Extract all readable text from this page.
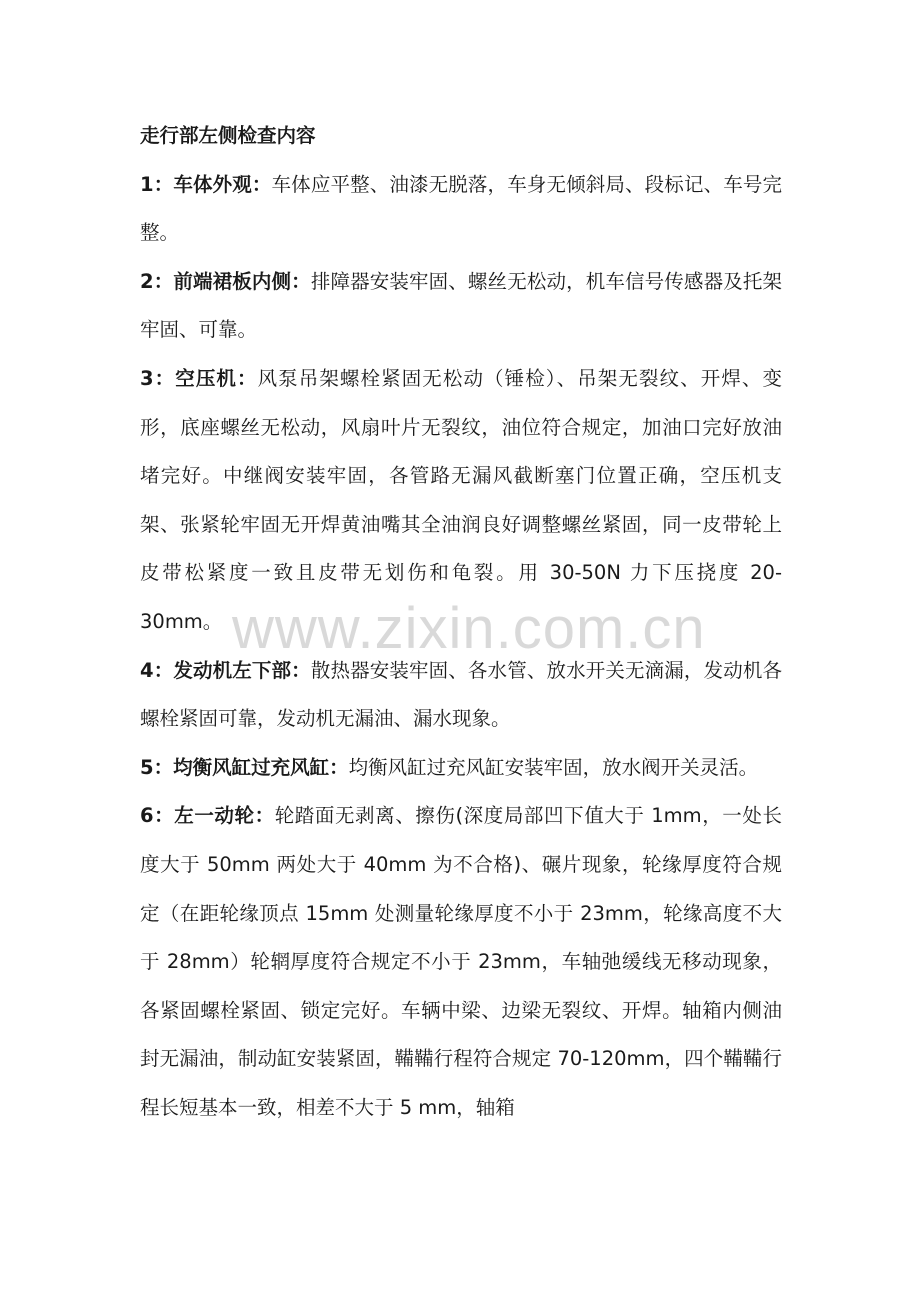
走行部左侧检查内容

1：车体外观：车体应平整、油漆无脱落，车身无倾斜局、段标记、车号完整。

2：前端裙板内侧：排障器安装牢固、螺丝无松动，机车信号传感器及托架牢固、可靠。

3：空压机：风泵吊架螺栓紧固无松动（锤检）、吊架无裂纹、开焊、变形，底座螺丝无松动，风扇叶片无裂纹，油位符合规定，加油口完好放油堵完好。中继阀安装牢固，各管路无漏风截断塞门位置正确，空压机支架、张紧轮牢固无开焊黄油嘴其全油润良好调整螺丝紧固，同一皮带轮上皮带松紧度一致且皮带无划伤和龟裂。用 30-50N 力下压挠度 20-30mm。

4：发动机左下部：散热器安装牢固、各水管、放水开关无滴漏，发动机各螺栓紧固可靠，发动机无漏油、漏水现象。

5：均衡风缸过充风缸：均衡风缸过充风缸安装牢固，放水阀开关灵活。

6：左一动轮：轮踏面无剥离、擦伤(深度局部凹下值大于 1mm，一处长度大于 50mm 两处大于 40mm 为不合格)、碾片现象，轮缘厚度符合规定（在距轮缘顶点 15mm 处测量轮缘厚度不小于 23mm，轮缘高度不大于 28mm）轮辋厚度符合规定不小于 23mm，车轴弛缓线无移动现象，各紧固螺栓紧固、锁定完好。车辆中梁、边梁无裂纹、开焊。轴箱内侧油封无漏油，制动缸安装紧固，鞴鞴行程符合规定 70-120mm，四个鞴鞴行程长短基本一致，相差不大于 5 mm，轴箱

www.zixin.com.cn
